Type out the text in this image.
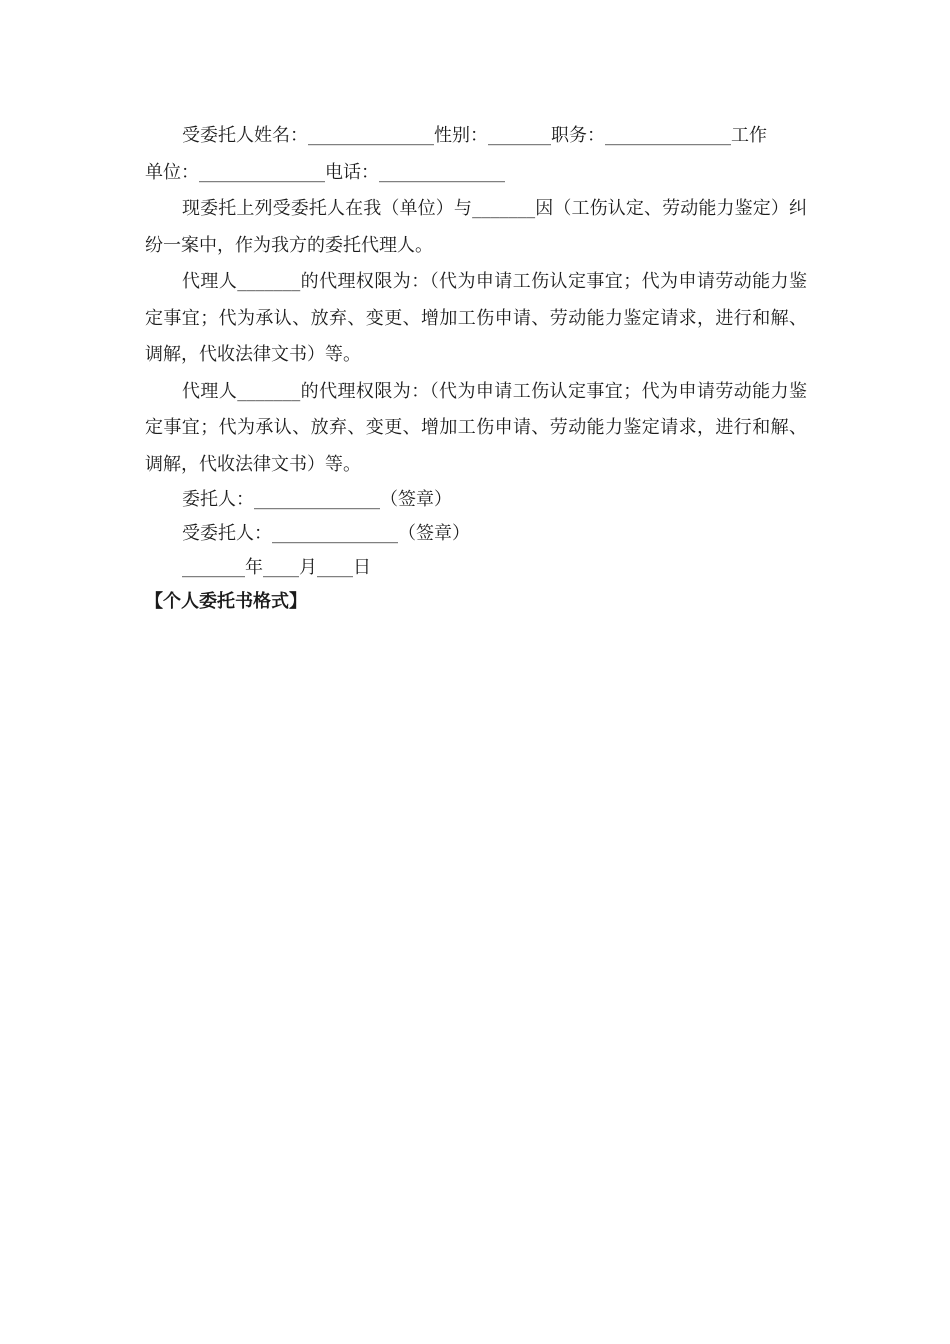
受委托人姓名：______________性别：_______职务：______________工作

单位：______________电话：______________

现委托上列受委托人在我（单位）与_______因（工伤认定、劳动能力鉴定）纠纷一案中，作为我方的委托代理人。

代理人_______的代理权限为：（代为申请工伤认定事宜；代为申请劳动能力鉴定事宜；代为承认、放弃、变更、增加工伤申请、劳动能力鉴定请求，进行和解、调解，代收法律文书）等。

代理人_______的代理权限为：（代为申请工伤认定事宜；代为申请劳动能力鉴定事宜；代为承认、放弃、变更、增加工伤申请、劳动能力鉴定请求，进行和解、调解，代收法律文书）等。

委托人：______________（签章）

受委托人：______________（签章）

_______年____月____日

【个人委托书格式】
